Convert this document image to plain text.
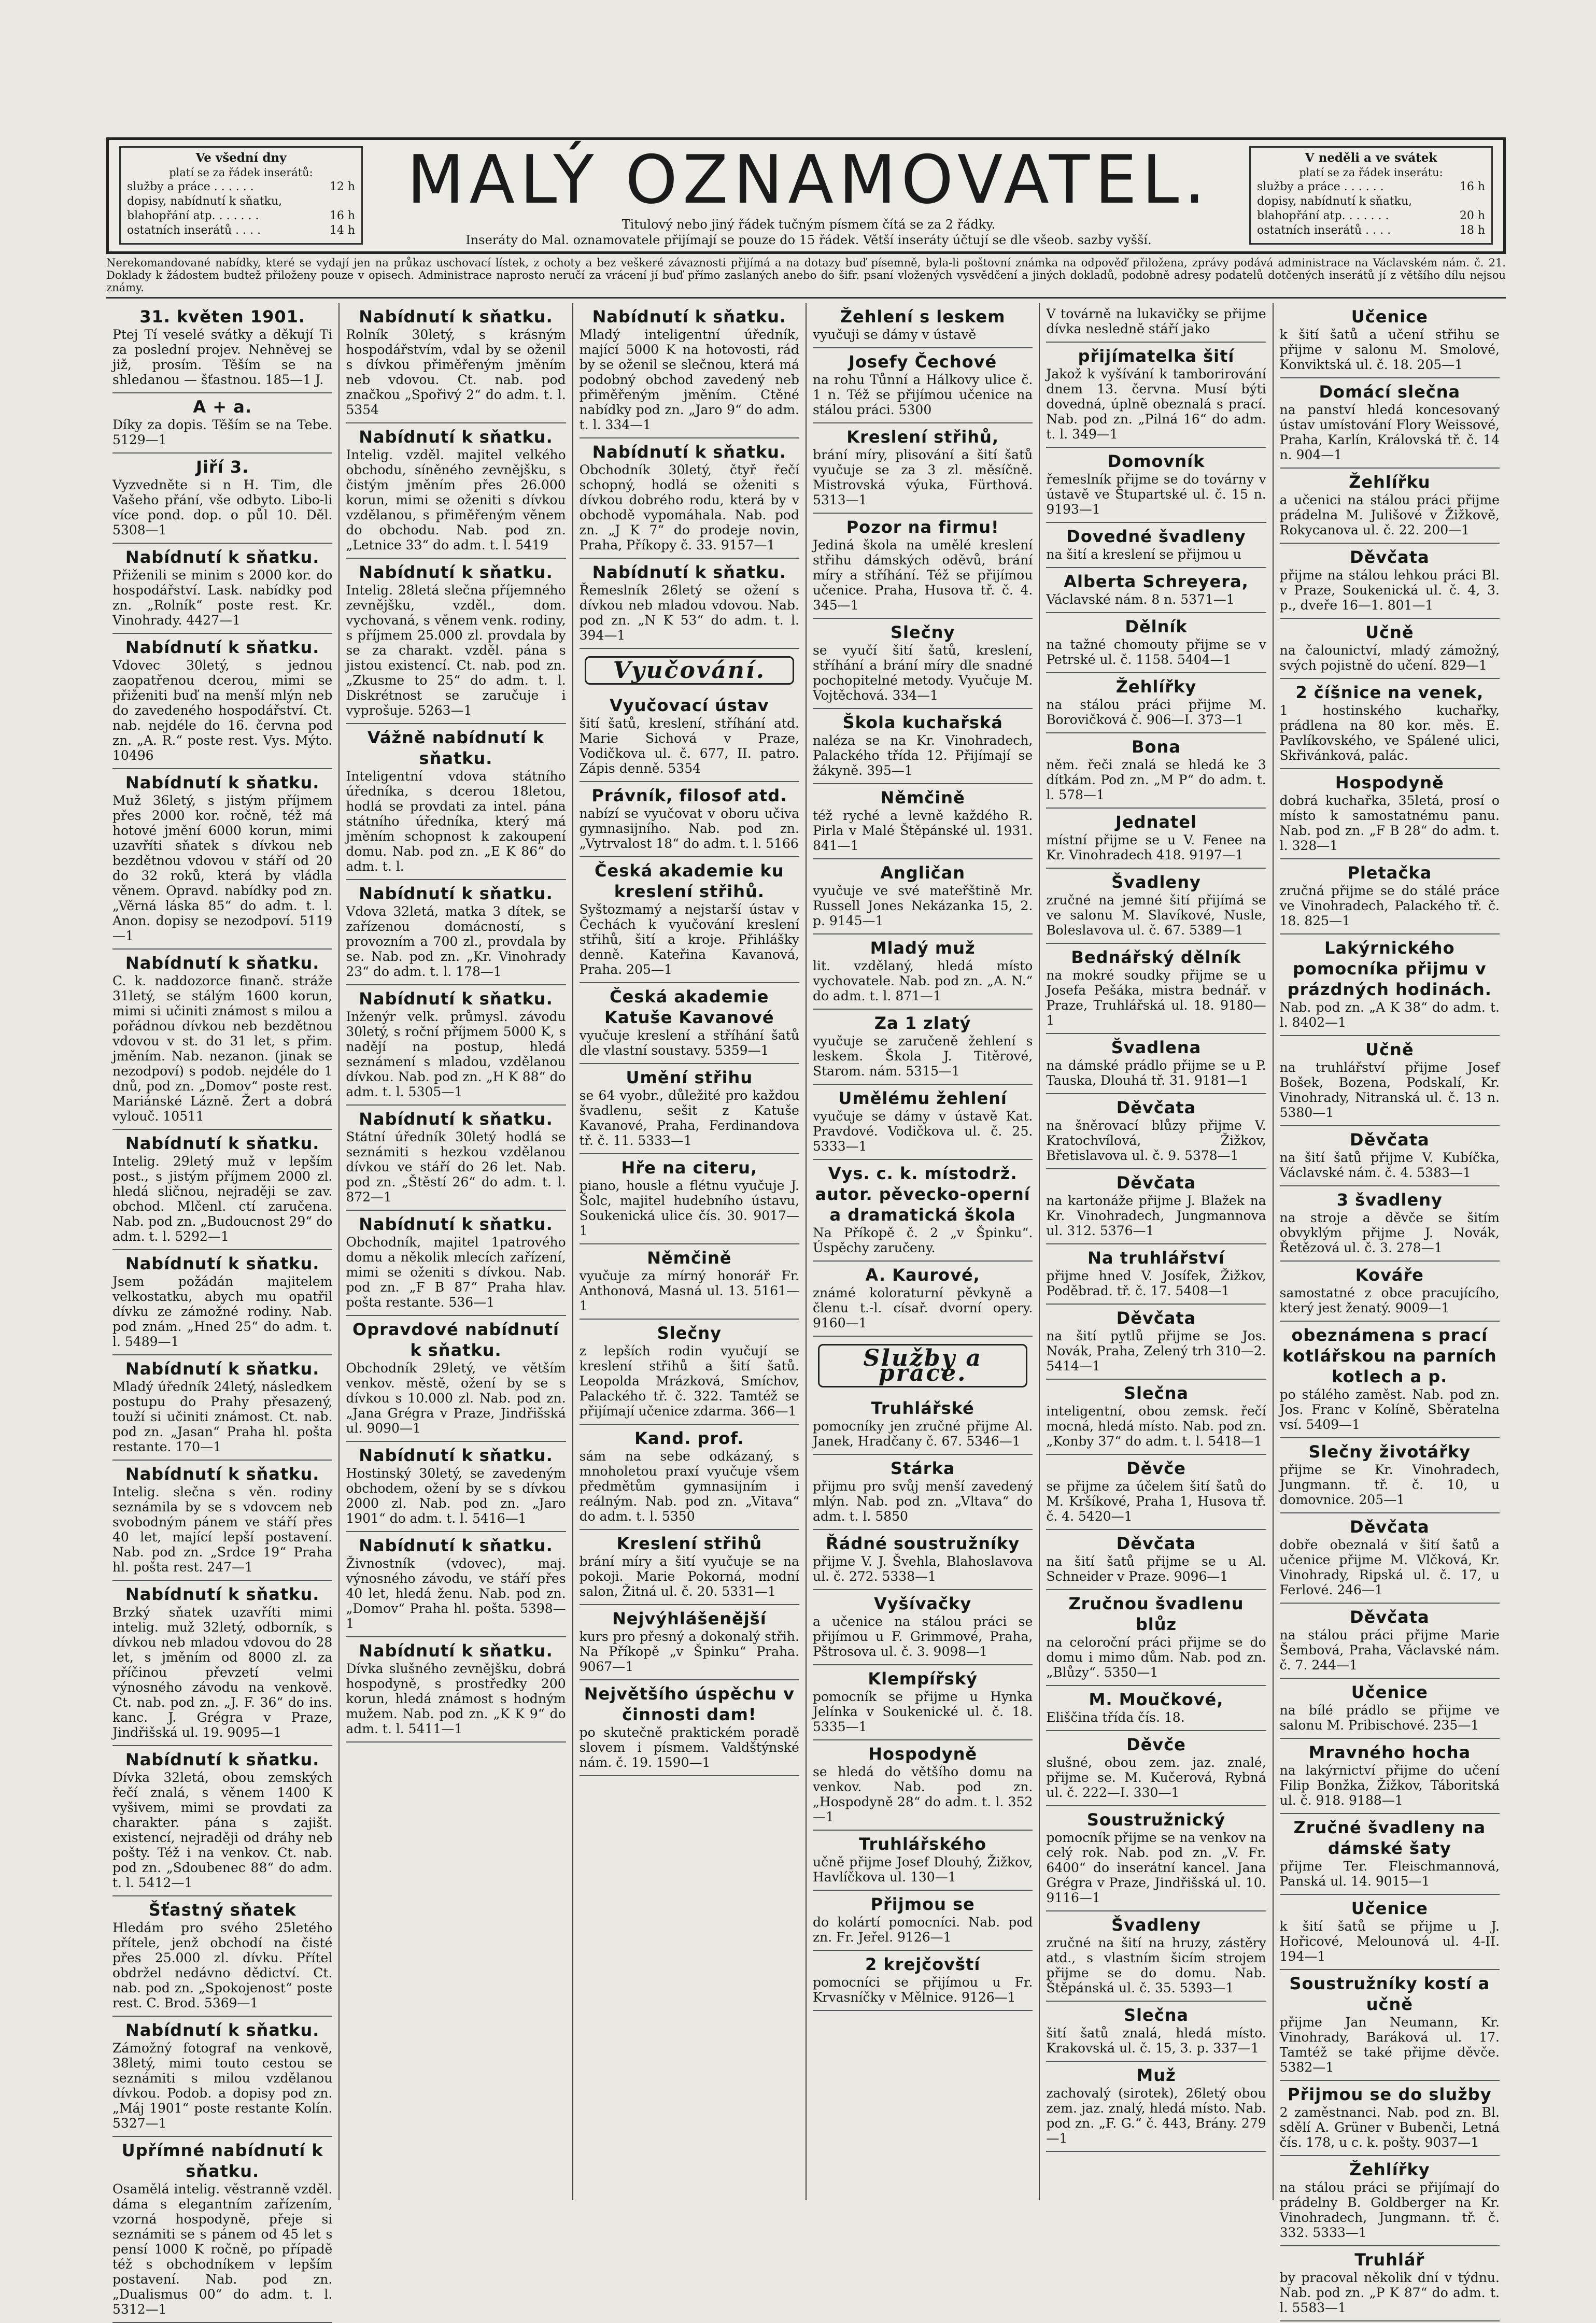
Ve všední dny
platí se za řádek inserátů:
služby a práce . . . . . .	12 h
dopisy, nabídnutí k sňatku,
blahopřání atp. . . . . . .	16 h
ostatních inserátů . . . .	14 h
MALÝ OZNAMOVATEL.
Titulový nebo jiný řádek tučným písmem čítá se za 2 řádky.
Inseráty do Mal. oznamovatele přijímají se pouze do 15 řádek. Větší inseráty účtují se dle všeob. sazby vyšší.
V neděli a ve svátek
platí se za řádek inserátu:
služby a práce . . . . . .	16 h
dopisy, nabídnutí k sňatku,
blahopřání atp. . . . . . .	20 h
ostatních inserátů . . . .	18 h
Nerekomandované nabídky, které se vydají jen na průkaz uschovací lístek, z ochoty a bez veškeré závaznosti přijímá a na dotazy buď písemně, byla-li poštovní známka na odpověď přiložena, zprávy podává administrace na Václavském nám. č. 21. Doklady k žádostem budtež přiloženy pouze v opisech. Administrace naprosto neručí za vrácení jí buď přímo zaslaných anebo do šifr. psaní vložených vysvědčení a jiných dokladů, podobně adresy podatelů dotčených inserátů jí z většího dílu nejsou známy.
31. květen 1901.
Ptej Tí veselé svátky a děkují Ti za poslední projev. Nehněvej se již, prosím. Těším se na shledanou — šťastnou. 185—1 J.
A + a.
Díky za dopis. Těším se na Tebe. 5129—1
Jiří 3.
Vyzvedněte si n H. Tim, dle Vašeho přání, vše odbyto. Libo-li více pond. dop. o půl 10. Děl. 5308—1
Nabídnutí k sňatku.
Přiženili se minim s 2000 kor. do hospodářství. Lask. nabídky pod zn. „Rolník“ poste rest. Kr. Vinohrady. 4427—1
Nabídnutí k sňatku.
Vdovec 30letý, s jednou zaopatřenou dcerou, mimi se přiženiti buď na menší mlýn neb do zavedeného hospodářství. Ct. nab. nejdéle do 16. června pod zn. „A. R.“ poste rest. Vys. Mýto. 10496
Nabídnutí k sňatku.
Muž 36letý, s jistým příjmem přes 2000 kor. ročně, též má hotové jmění 6000 korun, mimi uzavříti sňatek s dívkou neb bezdětnou vdovou v stáří od 20 do 32 roků, která by vládla věnem. Opravd. nabídky pod zn. „Věrná láska 85“ do adm. t. l. Anon. dopisy se nezodpoví. 5119—1
Nabídnutí k sňatku.
C. k. naddozorce finanč. stráže 31letý, se stálým 1600 korun, mimi si učiniti známost s milou a pořádnou dívkou neb bezdětnou vdovou v st. do 31 let, s přim. jměním. Nab. nezanon. (jinak se nezodpoví) s podob. nejdéle do 1 dnů, pod zn. „Domov“ poste rest. Mariánské Lázně. Žert a dobrá vylouč. 10511
Nabídnutí k sňatku.
Intelig. 29letý muž v lepším post., s jistým příjmem 2000 zl. hledá sličnou, nejraději se zav. obchod. Mlčenl. ctí zaručena. Nab. pod zn. „Budoucnost 29“ do adm. t. l. 5292—1
Nabídnutí k sňatku.
Jsem požádán majitelem velkostatku, abych mu opatřil dívku ze zámožné rodiny. Nab. pod znám. „Hned 25“ do adm. t. l. 5489—1
Nabídnutí k sňatku.
Mladý úředník 24letý, následkem postupu do Prahy přesazený, touží si učiniti známost. Ct. nab. pod zn. „Jasan“ Praha hl. pošta restante. 170—1
Nabídnutí k sňatku.
Intelig. slečna s věn. rodiny seznámila by se s vdovcem neb svobodným pánem ve stáří přes 40 let, mající lepší postavení. Nab. pod zn. „Srdce 19“ Praha hl. pošta rest. 247—1
Nabídnutí k sňatku.
Brzký sňatek uzavříti mimi intelig. muž 32letý, odborník, s dívkou neb mladou vdovou do 28 let, s jměním od 8000 zl. za příčinou převzetí velmi výnosného závodu na venkově. Ct. nab. pod zn. „J. F. 36“ do ins. kanc. J. Grégra v Praze, Jindřišská ul. 19. 9095—1
Nabídnutí k sňatku.
Dívka 32letá, obou zemských řečí znalá, s věnem 1400 K vyšivem, mimi se provdati za charakter. pána s zajišt. existencí, nejraději od dráhy neb pošty. Též i na venkov. Ct. nab. pod zn. „Sdoubenec 88“ do adm. t. l. 5412—1
Šťastný sňatek
Hledám pro svého 25letého přítele, jenž obchodí na čisté přes 25.000 zl. dívku. Přítel obdržel nedávno dědictví. Ct. nab. pod zn. „Spokojenost“ poste rest. C. Brod. 5369—1
Nabídnutí k sňatku.
Zámožný fotograf na venkově, 38letý, mimi touto cestou se seznámiti s milou vzdělanou dívkou. Podob. a dopisy pod zn. „Máj 1901“ poste restante Kolín. 5327—1
Upřímné nabídnutí k sňatku.
Osamělá intelig. věstranně vzděl. dáma s elegantním zařízením, vzorná hospodyně, přeje si seznámiti se s pánem od 45 let s pensí 1000 K ročně, po případě též s obchodníkem v lepším postavení. Nab. pod zn. „Dualismus 00“ do adm. t. l. 5312—1
Nabídnutí k sňatku.
Rolník 30letý, s krásným hospodářstvím, vdal by se oženil s dívkou přiměřeným jměním neb vdovou. Ct. nab. pod značkou „Spořivý 2“ do adm. t. l. 5354
Nabídnutí k sňatku.
Intelig. vzděl. majitel velkého obchodu, síněného zevnějšku, s čistým jměním přes 26.000 korun, mimi se oženiti s dívkou vzdělanou, s přiměřeným věnem do obchodu. Nab. pod zn. „Letnice 33“ do adm. t. l. 5419
Nabídnutí k sňatku.
Intelig. 28letá slečna příjemného zevnějšku, vzděl., dom. vychovaná, s věnem venk. rodiny, s příjmem 25.000 zl. provdala by se za charakt. vzděl. pána s jistou existencí. Ct. nab. pod zn. „Zkusme to 25“ do adm. t. l. Diskrétnost se zaručuje i vyprošuje. 5263—1
Vážně nabídnutí k sňatku.
Inteligentní vdova státního úředníka, s dcerou 18letou, hodlá se provdati za intel. pána státního úředníka, který má jměním schopnost k zakoupení domu. Nab. pod zn. „E K 86“ do adm. t. l.
Nabídnutí k sňatku.
Vdova 32letá, matka 3 dítek, se zařízenou domácností, s provozním a 700 zl., provdala by se. Nab. pod zn. „Kr. Vinohrady 23“ do adm. t. l. 178—1
Nabídnutí k sňatku.
Inženýr velk. průmysl. závodu 30letý, s roční příjmem 5000 K, s nadějí na postup, hledá seznámení s mladou, vzdělanou dívkou. Nab. pod zn. „H K 88“ do adm. t. l. 5305—1
Nabídnutí k sňatku.
Státní úředník 30letý hodlá se seznámiti s hezkou vzdělanou dívkou ve stáří do 26 let. Nab. pod zn. „Štěstí 26“ do adm. t. l. 872—1
Nabídnutí k sňatku.
Obchodník, majitel 1patrového domu a několik mlecích zařízení, mimi se oženiti s dívkou. Nab. pod zn. „F B 87“ Praha hlav. pošta restante. 536—1
Opravdové nabídnutí k sňatku.
Obchodník 29letý, ve větším venkov. městě, ožení by se s dívkou s 10.000 zl. Nab. pod zn. „Jana Grégra v Praze, Jindřišská ul. 9090—1
Nabídnutí k sňatku.
Hostinský 30letý, se zavedeným obchodem, ožení by se s dívkou 2000 zl. Nab. pod zn. „Jaro 1901“ do adm. t. l. 5416—1
Nabídnutí k sňatku.
Živnostník (vdovec), maj. výnosného závodu, ve stáří přes 40 let, hledá ženu. Nab. pod zn. „Domov“ Praha hl. pošta. 5398—1
Nabídnutí k sňatku.
Dívka slušného zevnějšku, dobrá hospodyně, s prostředky 200 korun, hledá známost s hodným mužem. Nab. pod zn. „K K 9“ do adm. t. l. 5411—1
Nabídnutí k sňatku.
Mladý inteligentní úředník, mající 5000 K na hotovosti, rád by se oženil se slečnou, která má podobný obchod zavedený neb přiměřeným jměním. Ctěné nabídky pod zn. „Jaro 9“ do adm. t. l. 334—1
Nabídnutí k sňatku.
Obchodník 30letý, čtyř řečí schopný, hodlá se oženiti s dívkou dobrého rodu, která by v obchodě vypomáhala. Nab. pod zn. „J K 7“ do prodeje novin, Praha, Příkopy č. 33. 9157—1
Nabídnutí k sňatku.
Řemeslník 26letý se ožení s dívkou neb mladou vdovou. Nab. pod zn. „N K 53“ do adm. t. l. 394—1
Vyučování.
Vyučovací ústav
šití šatů, kreslení, stříhání atd. Marie Sichová v Praze, Vodičkova ul. č. 677, II. patro. Zápis denně. 5354
Právník, filosof atd.
nabízí se vyučovat v oboru učiva gymnasijního. Nab. pod zn. „Vytrvalost 18“ do adm. t. l. 5166
Česká akademie ku kreslení střihů.
Syštozmamý a nejstarší ústav v Čechách k vyučování kreslení střihů, šití a kroje. Přihlášky denně. Kateřina Kavanová, Praha. 205—1
Česká akademie Katuše Kavanové
vyučuje kreslení a stříhání šatů dle vlastní soustavy. 5359—1
Umění střihu
se 64 vyobr., důležité pro každou švadlenu, sešit z Katuše Kavanové, Praha, Ferdinandova tř. č. 11. 5333—1
Hře na citeru,
piano, housle a flétnu vyučuje J. Šolc, majitel hudebního ústavu, Soukenická ulice čís. 30. 9017—1
Němčině
vyučuje za mírný honorář Fr. Anthonová, Masná ul. 13. 5161—1
Slečny
z lepších rodin vyučují se kreslení střihů a šití šatů. Leopolda Mrázková, Smíchov, Palackého tř. č. 322. Tamtéž se přijímají učenice zdarma. 366—1
Kand. prof.
sám na sebe odkázaný, s mnoholetou praxí vyučuje všem předmětům gymnasijním i reálným. Nab. pod zn. „Vitava“ do adm. t. l. 5350
Kreslení střihů
brání míry a šití vyučuje se na pokoji. Marie Pokorná, modní salon, Žitná ul. č. 20. 5331—1
Nejvýhlášenější
kurs pro přesný a dokonalý střih. Na Příkopě „v Špinku“ Praha. 9067—1
Největšího úspěchu v činnosti dam!
po skutečně praktickém poradě slovem i písmem. Valdštýnské nám. č. 19. 1590—1
Žehlení s leskem
vyučuji se dámy v ústavě
Josefy Čechové
na rohu Tůnní a Hálkovy ulice č. 1 n. Též se přijímou učenice na stálou práci. 5300
Kreslení střihů,
brání míry, plisování a šití šatů vyučuje se za 3 zl. měsíčně. Mistrovská výuka, Fürthová. 5313—1
Pozor na firmu!
Jediná škola na umělé kreslení střihu dámských oděvů, brání míry a stříhání. Též se přijímou učenice. Praha, Husova tř. č. 4. 345—1
Slečny
se vyučí šití šatů, kreslení, stříhání a brání míry dle snadné pochopitelné metody. Vyučuje M. Vojtěchová. 334—1
Škola kuchařská
naléza se na Kr. Vinohradech, Palackého třída 12. Přijímají se žákyně. 395—1
Němčině
též ryché a levně každého R. Pirla v Malé Štěpánské ul. 1931. 841—1
Angličan
vyučuje ve své mateřštině Mr. Russell Jones Nekázanka 15, 2. p. 9145—1
Mladý muž
lit. vzdělaný, hledá místo vychovatele. Nab. pod zn. „A. N.“ do adm. t. l. 871—1
Za 1 zlatý
vyučuje se zaručeně žehlení s leskem. Škola J. Titěrové, Starom. nám. 5315—1
Umělému žehlení
vyučuje se dámy v ústavě Kat. Pravdové. Vodičkova ul. č. 25. 5333—1
Vys. c. k. místodrž. autor. pěvecko-operní a dramatická škola
Na Příkopě č. 2 „v Špinku“. Úspěchy zaručeny.
A. Kaurové,
známé koloraturní pěvkyně a členu t.-l. císař. dvorní opery. 9160—1
Služby a práce.
Truhlářské
pomocníky jen zručné přijme Al. Janek, Hradčany č. 67. 5346—1
Stárka
přijmu pro svůj menší zavedený mlýn. Nab. pod zn. „Vltava“ do adm. t. l. 5850
Řádné soustružníky
přijme V. J. Švehla, Blahoslavova ul. č. 272. 5338—1
Vyšívačky
a učenice na stálou práci se přijímou u F. Grimmové, Praha, Pštrosova ul. č. 3. 9098—1
Klempířský
pomocník se přijme u Hynka Jelínka v Soukenické ul. č. 18. 5335—1
Hospodyně
se hledá do většího domu na venkov. Nab. pod zn. „Hospodyně 28“ do adm. t. l. 352—1
Truhlářského
učně přijme Josef Dlouhý, Žižkov, Havlíčkova ul. 130—1
Přijmou se
do kolártí pomocníci. Nab. pod zn. Fr. Jeřel. 9126—1
2 krejčovští
pomocníci se přijímou u Fr. Krvasníčky v Mělnice. 9126—1
V továrně na lukavičky se přijme dívka nesledně stáří jako
přijímatelka šití
Jakož k vyšívání k tamborirování dnem 13. června. Musí býti dovedná, úplně obeznalá s prací. Nab. pod zn. „Pilná 16“ do adm. t. l. 349—1
Domovník
řemeslník přijme se do továrny v ústavě ve Štupartské ul. č. 15 n. 9193—1
Dovedné švadleny
na šití a kreslení se přijmou u
Alberta Schreyera,
Václavské nám. 8 n. 5371—1
Dělník
na tažné chomouty přijme se v Petrské ul. č. 1158. 5404—1
Žehlířky
na stálou práci přijme M. Borovičková č. 906—I. 373—1
Bona
něm. řeči znalá se hledá ke 3 dítkám. Pod zn. „M P“ do adm. t. l. 578—1
Jednatel
místní přijme se u V. Fenee na Kr. Vinohradech 418. 9197—1
Švadleny
zručné na jemné šití přijímá se ve salonu M. Slavíkové, Nusle, Boleslavova ul. č. 67. 5389—1
Bednářský dělník
na mokré soudky přijme se u Josefa Pešáka, mistra bednář. v Praze, Truhlářská ul. 18. 9180—1
Švadlena
na dámské prádlo přijme se u P. Tauska, Dlouhá tř. 31. 9181—1
Děvčata
na šněrovací blůzy přijme V. Kratochvílová, Žižkov, Břetislavova ul. č. 9. 5378—1
Děvčata
na kartonáže přijme J. Blažek na Kr. Vinohradech, Jungmannova ul. 312. 5376—1
Na truhlářství
přijme hned V. Josífek, Žižkov, Poděbrad. tř. č. 17. 5408—1
Děvčata
na šití pytlů přijme se Jos. Novák, Praha, Zelený trh 310—2. 5414—1
Slečna
inteligentní, obou zemsk. řečí mocná, hledá místo. Nab. pod zn. „Konby 37“ do adm. t. l. 5418—1
Děvče
se přijme za účelem šití šatů do M. Kršíkové, Praha 1, Husova tř. č. 4. 5420—1
Děvčata
na šití šatů přijme se u Al. Schneider v Praze. 9096—1
Zručnou švadlenu blůz
na celoroční práci přijme se do domu i mimo dům. Nab. pod zn. „Blůzy“. 5350—1
M. Moučkové,
Eliščina třída čís. 18.
Děvče
slušné, obou zem. jaz. znalé, přijme se. M. Kučerová, Rybná ul. č. 222—I. 330—1
Soustružnický
pomocník přijme se na venkov na celý rok. Nab. pod zn. „V. Fr. 6400“ do inserátní kancel. Jana Grégra v Praze, Jindřišská ul. 10. 9116—1
Švadleny
zručné na šití na hruzy, zástěry atd., s vlastním šicím strojem přijme se do domu. Nab. Štěpánská ul. č. 35. 5393—1
Slečna
šití šatů znalá, hledá místo. Krakovská ul. č. 15, 3. p. 337—1
Muž
zachovalý (sirotek), 26letý obou zem. jaz. znalý, hledá místo. Nab. pod zn. „F. G.“ č. 443, Brány. 279—1
Učenice
k šití šatů a učení střihu se přijme v salonu M. Smolové, Konviktská ul. č. 18. 205—1
Domácí slečna
na panství hledá koncesovaný ústav umístování Flory Weissové, Praha, Karlín, Královská tř. č. 14 n. 904—1
Žehlířku
a učenici na stálou práci přijme prádelna M. Julišové v Žižkově, Rokycanova ul. č. 22. 200—1
Děvčata
přijme na stálou lehkou práci Bl. v Praze, Soukenická ul. č. 4, 3. p., dveře 16—1. 801—1
Učně
na čalounictví, mladý zámožný, svých pojistně do učení. 829—1
2 číšnice na venek,
1 hostinského kuchařky, prádlena na 80 kor. měs. E. Pavlíkovského, ve Spálené ulici, Skřivánková, palác.
Hospodyně
dobrá kuchařka, 35letá, prosí o místo k samostatnému panu. Nab. pod zn. „F B 28“ do adm. t. l. 328—1
Pletačka
zručná přijme se do stálé práce ve Vinohradech, Palackého tř. č. 18. 825—1
Lakýrnického pomocníka přijmu v prázdných hodinách.
Nab. pod zn. „A K 38“ do adm. t. l. 8402—1
Učně
na truhlářství přijme Josef Bošek, Bozena, Podskalí, Kr. Vinohrady, Nitranská ul. č. 13 n. 5380—1
Děvčata
na šití šatů přijme V. Kubíčka, Václavské nám. č. 4. 5383—1
3 švadleny
na stroje a děvče se šitím obvyklým přijme J. Novák, Řetězová ul. č. 3. 278—1
Kováře
samostatné z obce pracujícího, který jest ženatý. 9009—1
obeznámena s prací kotlářskou na parních kotlech a p.
po stálého zaměst. Nab. pod zn. Jos. Franc v Kolíně, Sběratelna vsí. 5409—1
Slečny životářky
přijme se Kr. Vinohradech, Jungmann. tř. č. 10, u domovnice. 205—1
Děvčata
dobře obeznalá v šití šatů a učenice přijme M. Vlčková, Kr. Vinohrady, Ripská ul. č. 17, u Ferlové. 246—1
Děvčata
na stálou práci přijme Marie Šembová, Praha, Václavské nám. č. 7. 244—1
Učenice
na bílé prádlo se přijme ve salonu M. Pribischové. 235—1
Mravného hocha
na lakýrnictví přijme do učení Filip Bonžka, Žižkov, Táboritská ul. č. 918. 9188—1
Zručné švadleny na dámské šaty
přijme Ter. Fleischmannová, Panská ul. 14. 9015—1
Učenice
k šití šatů se přijme u J. Hořicové, Melounová ul. 4-II. 194—1
Soustružníky kostí a učně
přijme Jan Neumann, Kr. Vinohrady, Baráková ul. 17. Tamtéž se také přijme děvče. 5382—1
Přijmou se do služby
2 zaměstnanci. Nab. pod zn. Bl. sdělí A. Grüner v Bubenči, Letná čís. 178, u c. k. pošty. 9037—1
Žehlířky
na stálou práci se přijímají do prádelny B. Goldberger na Kr. Vinohradech, Jungmann. tř. č. 332. 5333—1
Truhlář
by pracoval několik dní v týdnu. Nab. pod zn. „P K 87“ do adm. t. l. 5583—1
